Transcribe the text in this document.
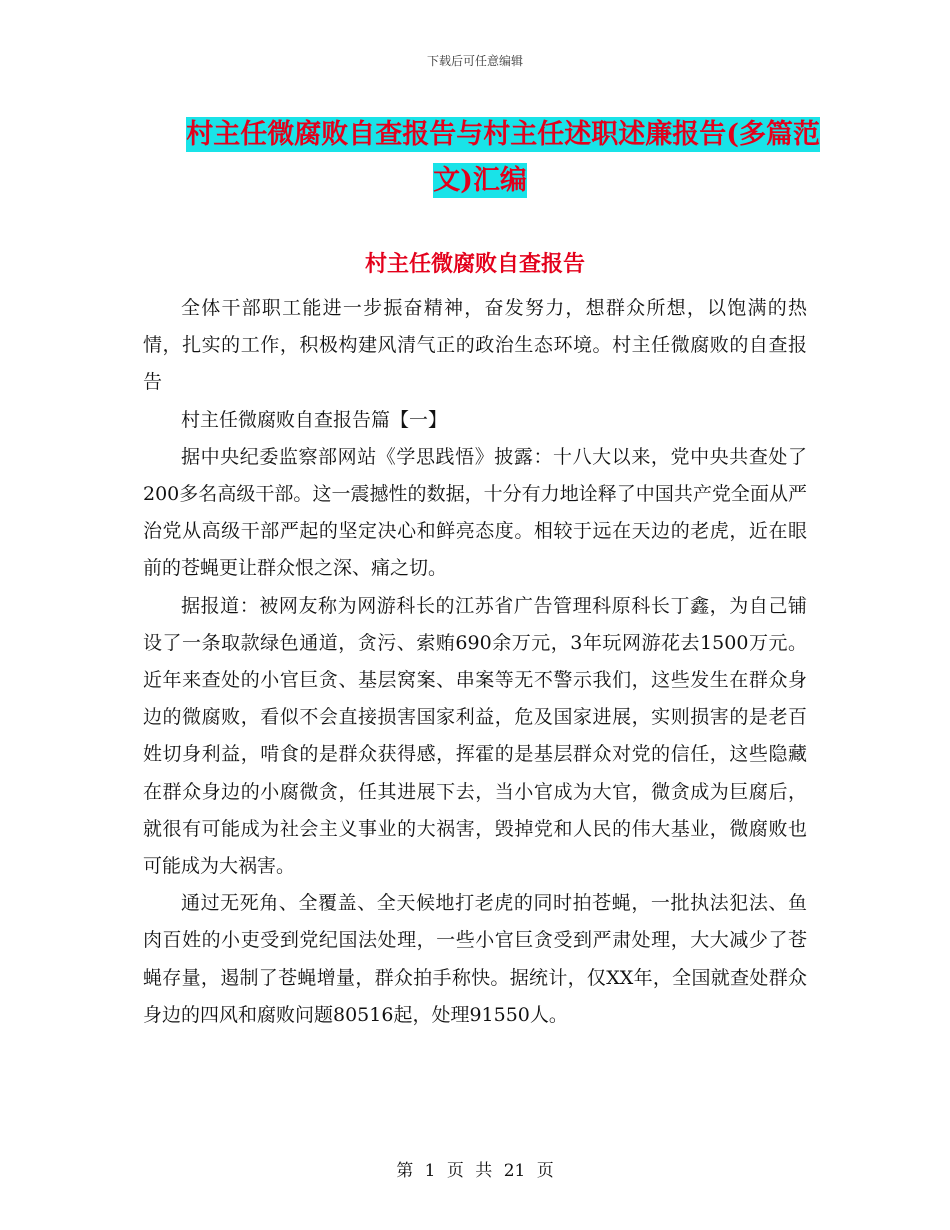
下载后可任意编辑
村主任微腐败自查报告与村主任述职述廉报告(多篇范
文)汇编
村主任微腐败自查报告

全体干部职工能进一步振奋精神，奋发努力，想群众所想，以饱满的热情，扎实的工作，积极构建风清气正的政治生态环境。村主任微腐败的自查报告

村主任微腐败自查报告篇【一】

据中央纪委监察部网站《学思践悟》披露：十八大以来，党中央共查处了200多名高级干部。这一震撼性的数据，十分有力地诠释了中国共产党全面从严治党从高级干部严起的坚定决心和鲜亮态度。相较于远在天边的老虎，近在眼前的苍蝇更让群众恨之深、痛之切。

据报道：被网友称为网游科长的江苏省广告管理科原科长丁鑫，为自己铺设了一条取款绿色通道，贪污、索贿690余万元，3年玩网游花去1500万元。近年来查处的小官巨贪、基层窝案、串案等无不警示我们，这些发生在群众身边的微腐败，看似不会直接损害国家利益，危及国家进展，实则损害的是老百姓切身利益，啃食的是群众获得感，挥霍的是基层群众对党的信任，这些隐藏在群众身边的小腐微贪，任其进展下去，当小官成为大官，微贪成为巨腐后，就很有可能成为社会主义事业的大祸害，毁掉党和人民的伟大基业，微腐败也可能成为大祸害。

通过无死角、全覆盖、全天候地打老虎的同时拍苍蝇，一批执法犯法、鱼肉百姓的小吏受到党纪国法处理，一些小官巨贪受到严肃处理，大大减少了苍蝇存量，遏制了苍蝇增量，群众拍手称快。据统计，仅XX年，全国就查处群众身边的四风和腐败问题80516起，处理91550人。

第 1 页 共 21 页
